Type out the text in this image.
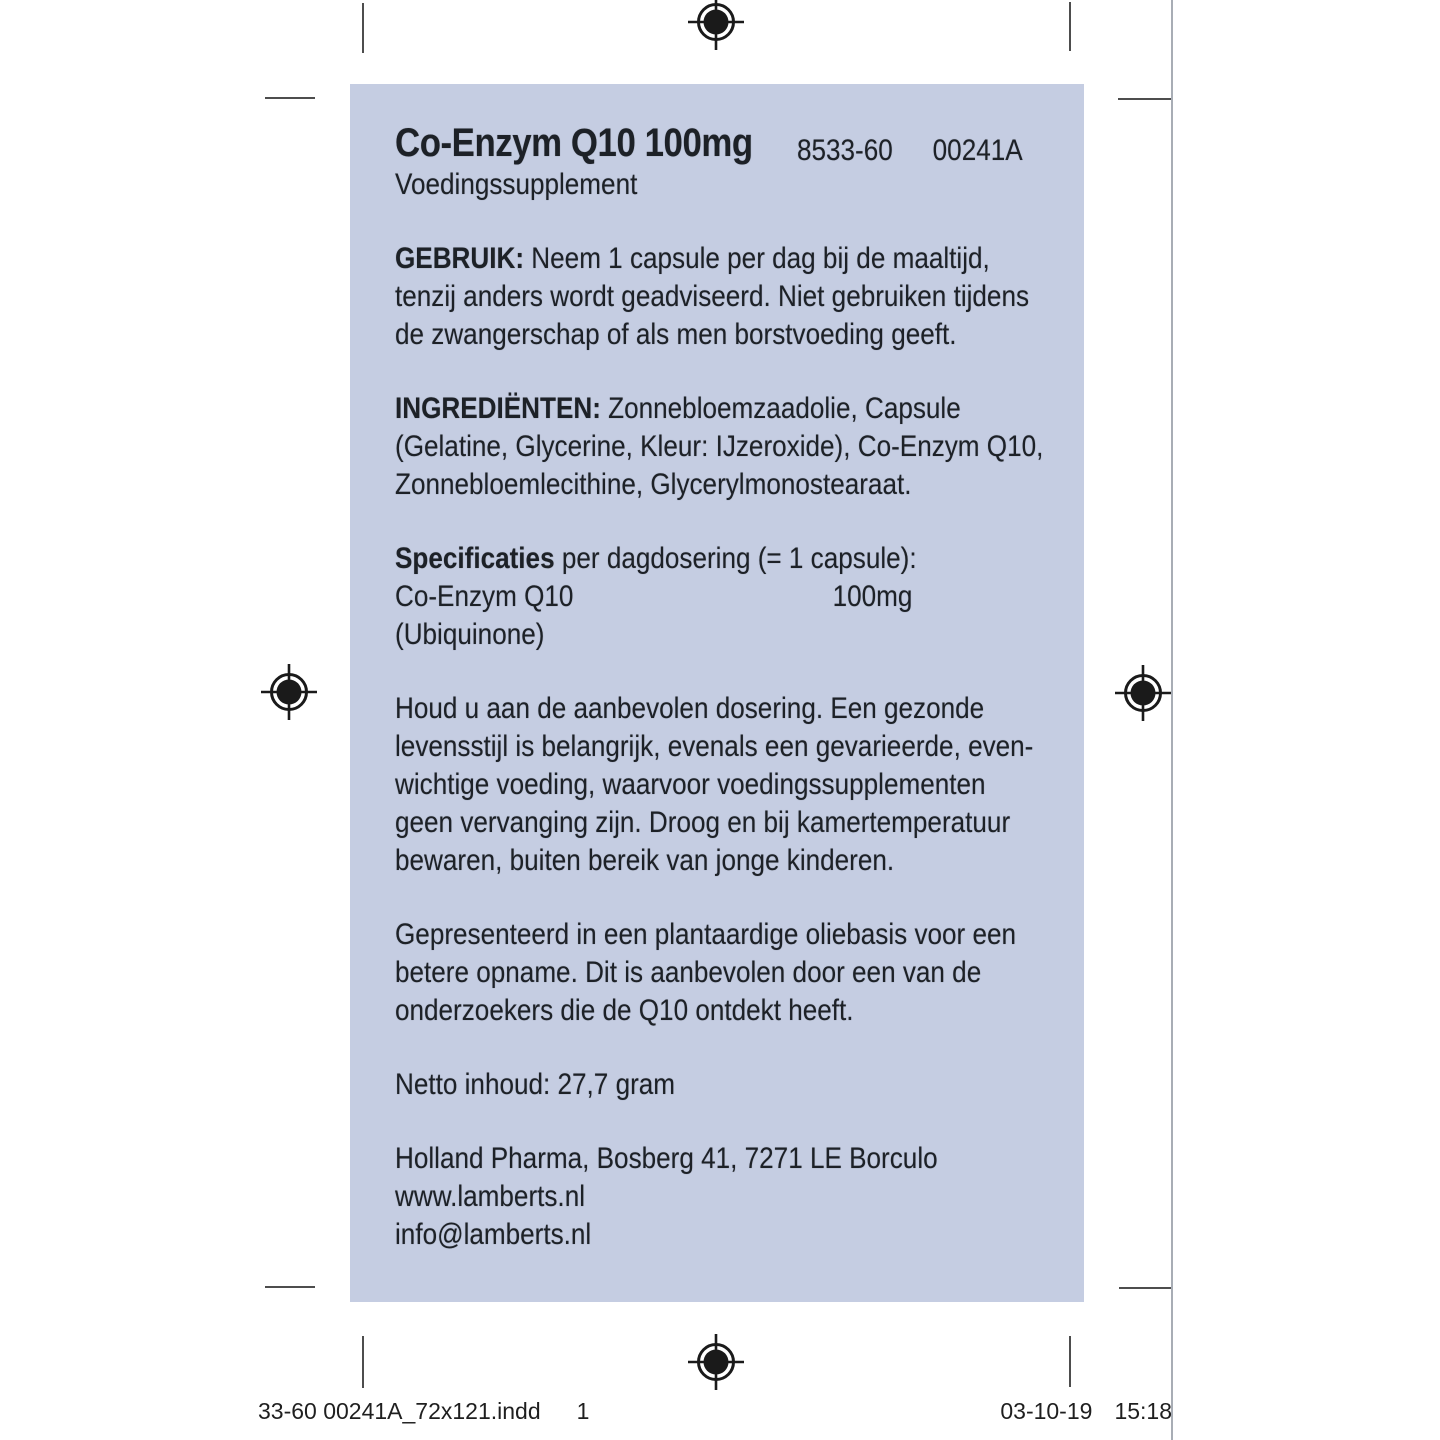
Co-Enzym Q10 100mg 8533-60 00241A
Voedingssupplement
GEBRUIK: Neem 1 capsule per dag bij de maaltijd,
tenzij anders wordt geadviseerd. Niet gebruiken tijdens
de zwangerschap of als men borstvoeding geeft.
INGREDIËNTEN: Zonnebloemzaadolie, Capsule
(Gelatine, Glycerine, Kleur: IJzeroxide), Co-Enzym Q10,
Zonnebloemlecithine, Glycerylmonostearaat.
Specificaties per dagdosering (= 1 capsule):
Co-Enzym Q10	100mg
(Ubiquinone)
Houd u aan de aanbevolen dosering. Een gezonde
levensstijl is belangrijk, evenals een gevarieerde, even-
wichtige voeding, waarvoor voedingssupplementen
geen vervanging zijn. Droog en bij kamertemperatuur
bewaren, buiten bereik van jonge kinderen.
Gepresenteerd in een plantaardige oliebasis voor een
betere opname. Dit is aanbevolen door een van de
onderzoekers die de Q10 ontdekt heeft.
Netto inhoud: 27,7 gram
Holland Pharma, Bosberg 41, 7271 LE Borculo
www.lamberts.nl
info@lamberts.nl
33-60 00241A_72x121.indd 1	03-10-19 15:18
